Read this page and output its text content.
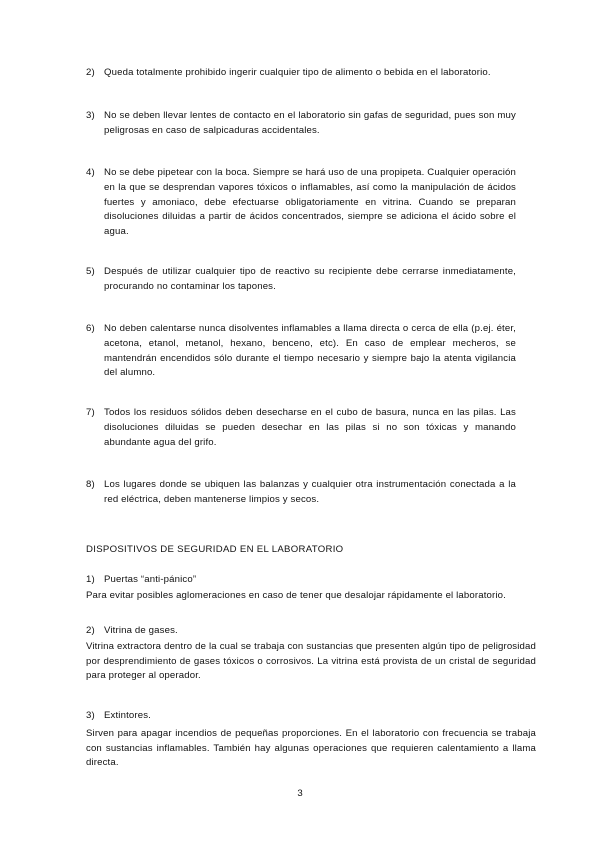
2) Queda totalmente prohibido ingerir cualquier tipo de alimento o bebida en el laboratorio.
3) No se deben llevar lentes de contacto en el laboratorio sin gafas de seguridad, pues son muy peligrosas en caso de salpicaduras accidentales.
4) No se debe pipetear con la boca. Siempre se hará uso de una propipeta. Cualquier operación en la que se desprendan vapores tóxicos o inflamables, así como la manipulación de ácidos fuertes y amoniaco, debe efectuarse obligatoriamente en vitrina. Cuando se preparan disoluciones diluidas a partir de ácidos concentrados, siempre se adiciona el ácido sobre el agua.
5) Después de utilizar cualquier tipo de reactivo su recipiente debe cerrarse inmediatamente, procurando no contaminar los tapones.
6) No deben calentarse nunca disolventes inflamables a llama directa o cerca de ella (p.ej. éter, acetona, etanol, metanol, hexano, benceno, etc). En caso de emplear mecheros, se mantendrán encendidos sólo durante el tiempo necesario y siempre bajo la atenta vigilancia del alumno.
7) Todos los residuos sólidos deben desecharse en el cubo de basura, nunca en las pilas. Las disoluciones diluidas se pueden desechar en las pilas si no son tóxicas y manando abundante agua del grifo.
8) Los lugares donde se ubiquen las balanzas y cualquier otra instrumentación conectada a la red eléctrica, deben mantenerse limpios y secos.
DISPOSITIVOS DE SEGURIDAD EN EL LABORATORIO
1) Puertas “anti-pánico”
Para evitar posibles aglomeraciones en caso de tener que desalojar rápidamente el laboratorio.
2) Vitrina de gases.
Vitrina extractora dentro de la cual se trabaja con sustancias que presenten algún tipo de peligrosidad por desprendimiento de gases tóxicos o corrosivos. La vitrina está provista de un cristal de seguridad para proteger al operador.
3) Extintores.
Sirven para apagar incendios de pequeñas proporciones. En el laboratorio con frecuencia se trabaja con sustancias inflamables. También hay algunas operaciones que requieren calentamiento a llama directa.
3
